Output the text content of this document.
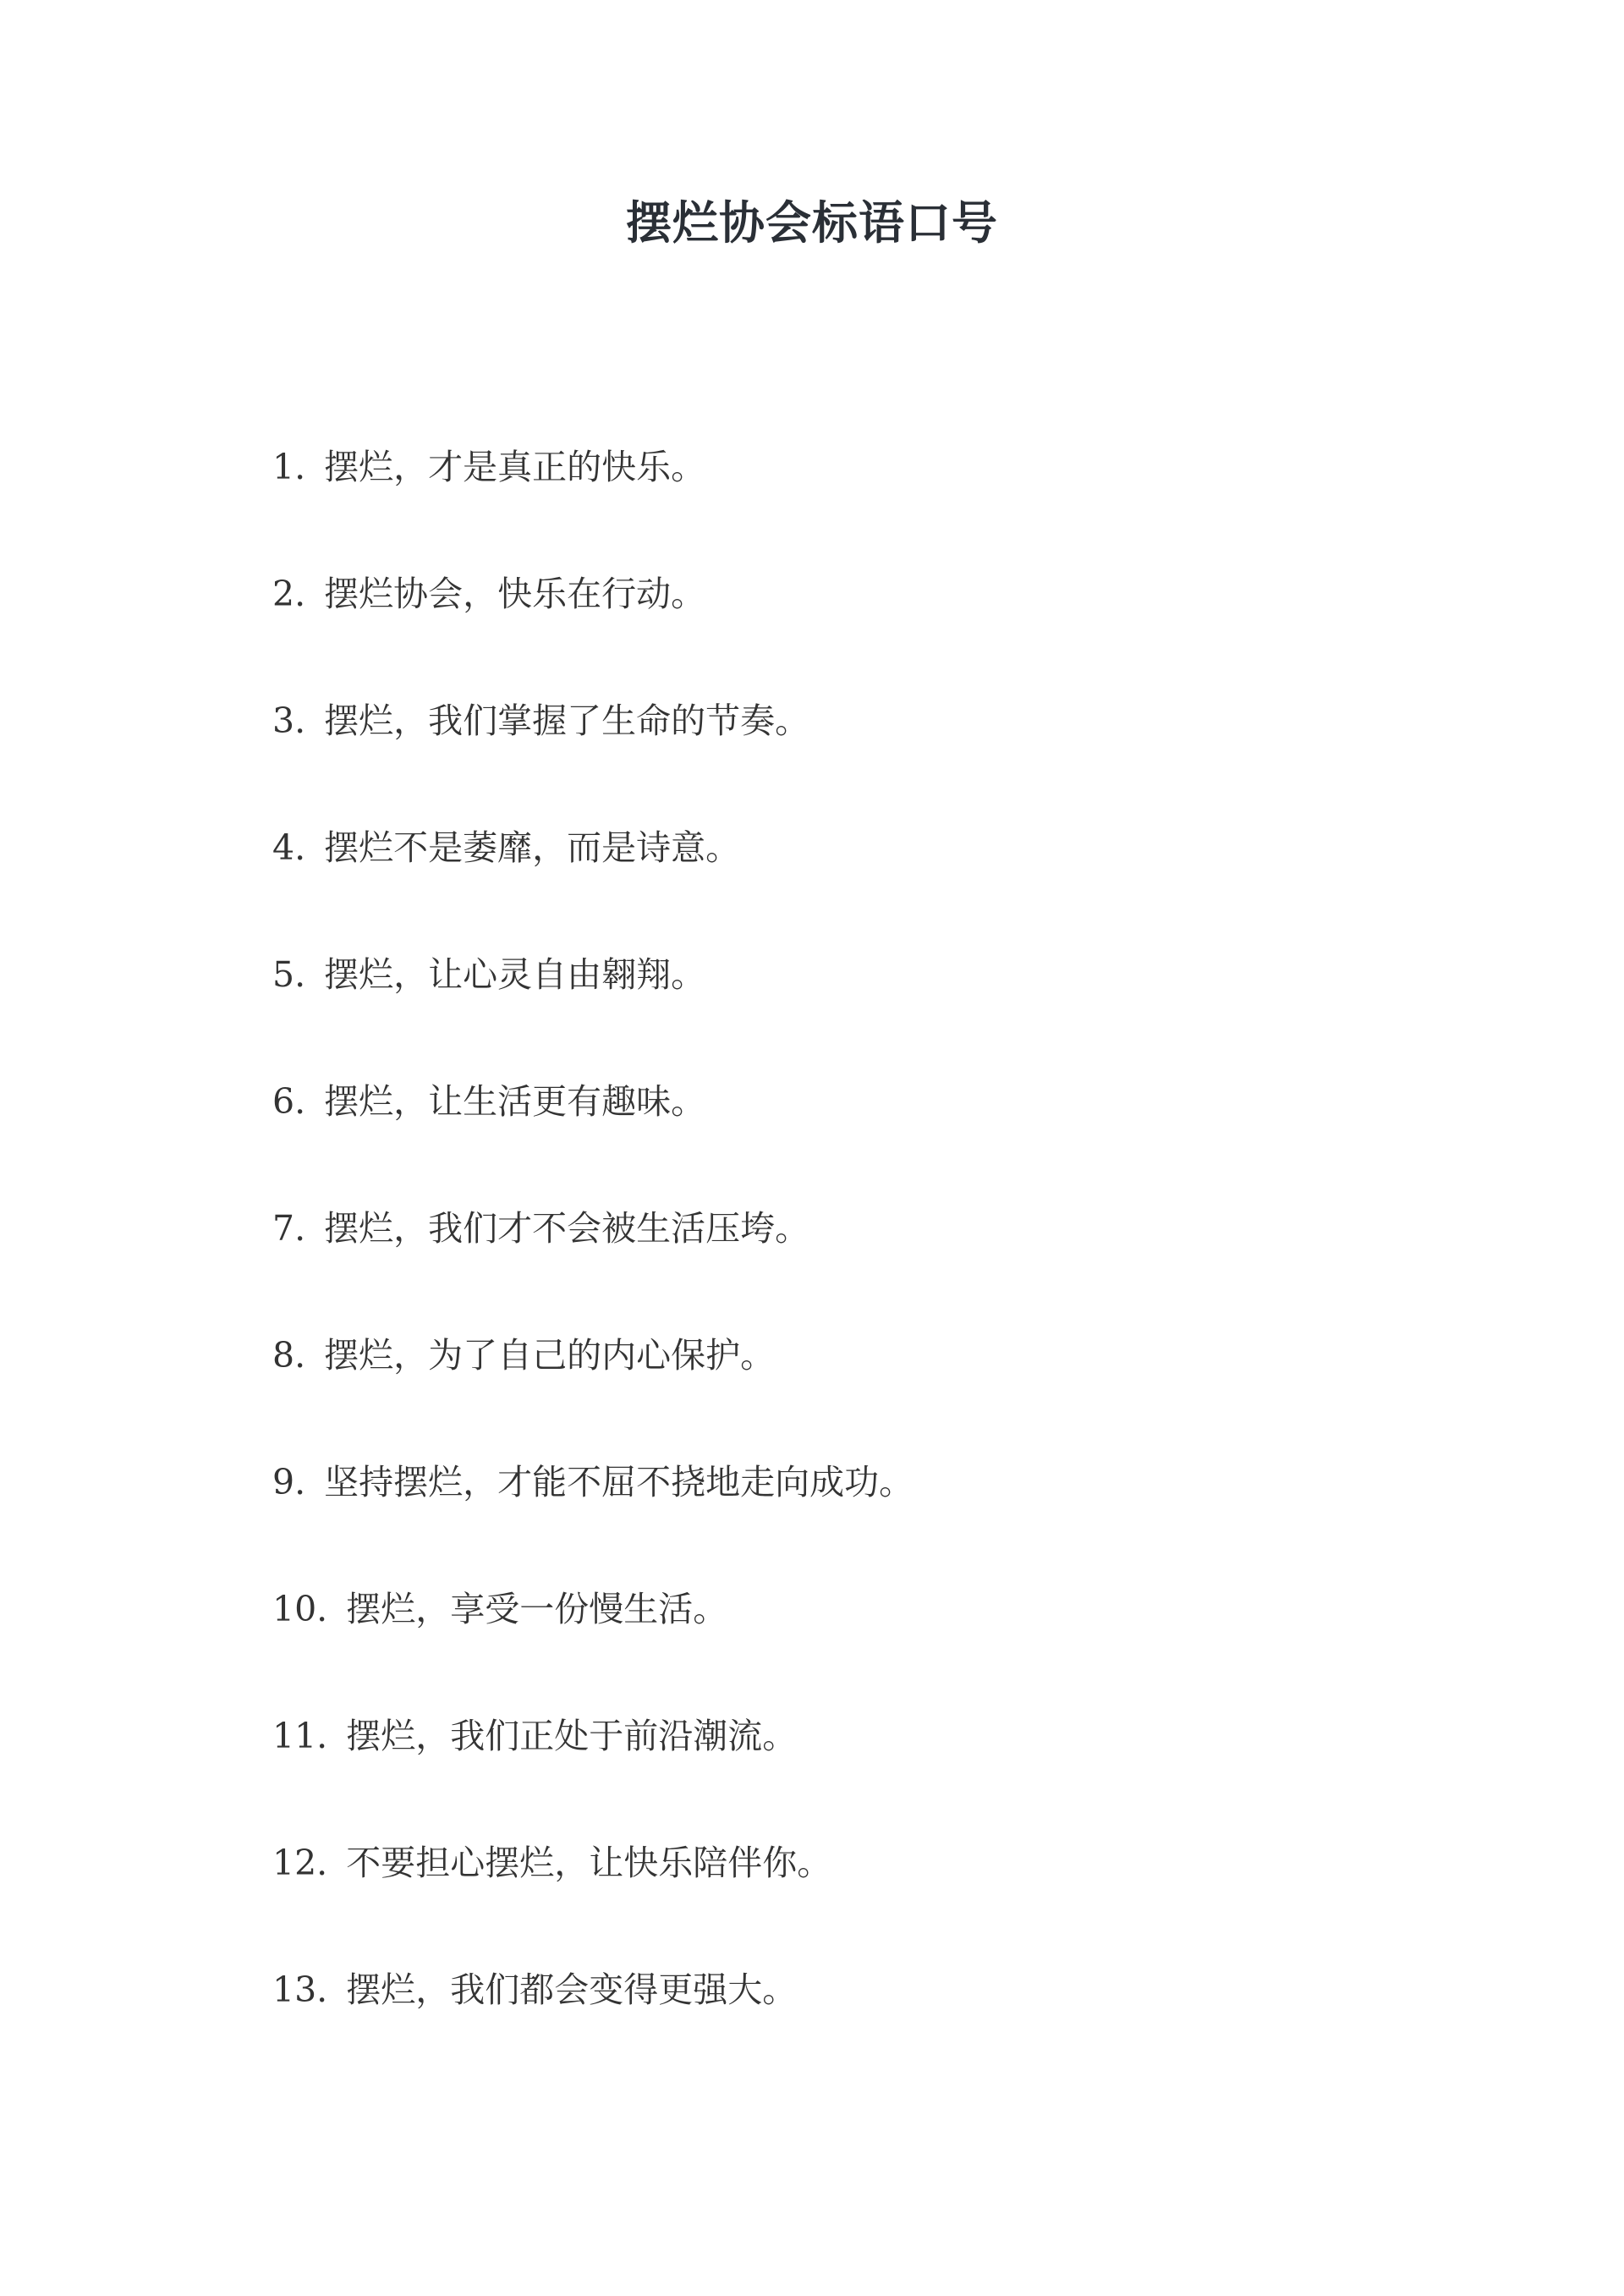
摆烂协会标语口号
1. 摆烂，才是真正的快乐。
2. 摆烂协会，快乐在行动。
3. 摆烂，我们掌握了生命的节奏。
4. 摆烂不是萎靡，而是诗意。
5. 摆烂，让心灵自由翱翔。
6. 摆烂，让生活更有趣味。
7. 摆烂，我们才不会被生活压垮。
8. 摆烂，为了自己的内心保护。
9. 坚持摆烂，才能不屈不挠地走向成功。
10. 摆烂，享受一份慢生活。
11. 摆烂，我们正处于前沿潮流。
12. 不要担心摆烂，让快乐陪伴你。
13. 摆烂，我们都会变得更强大。
